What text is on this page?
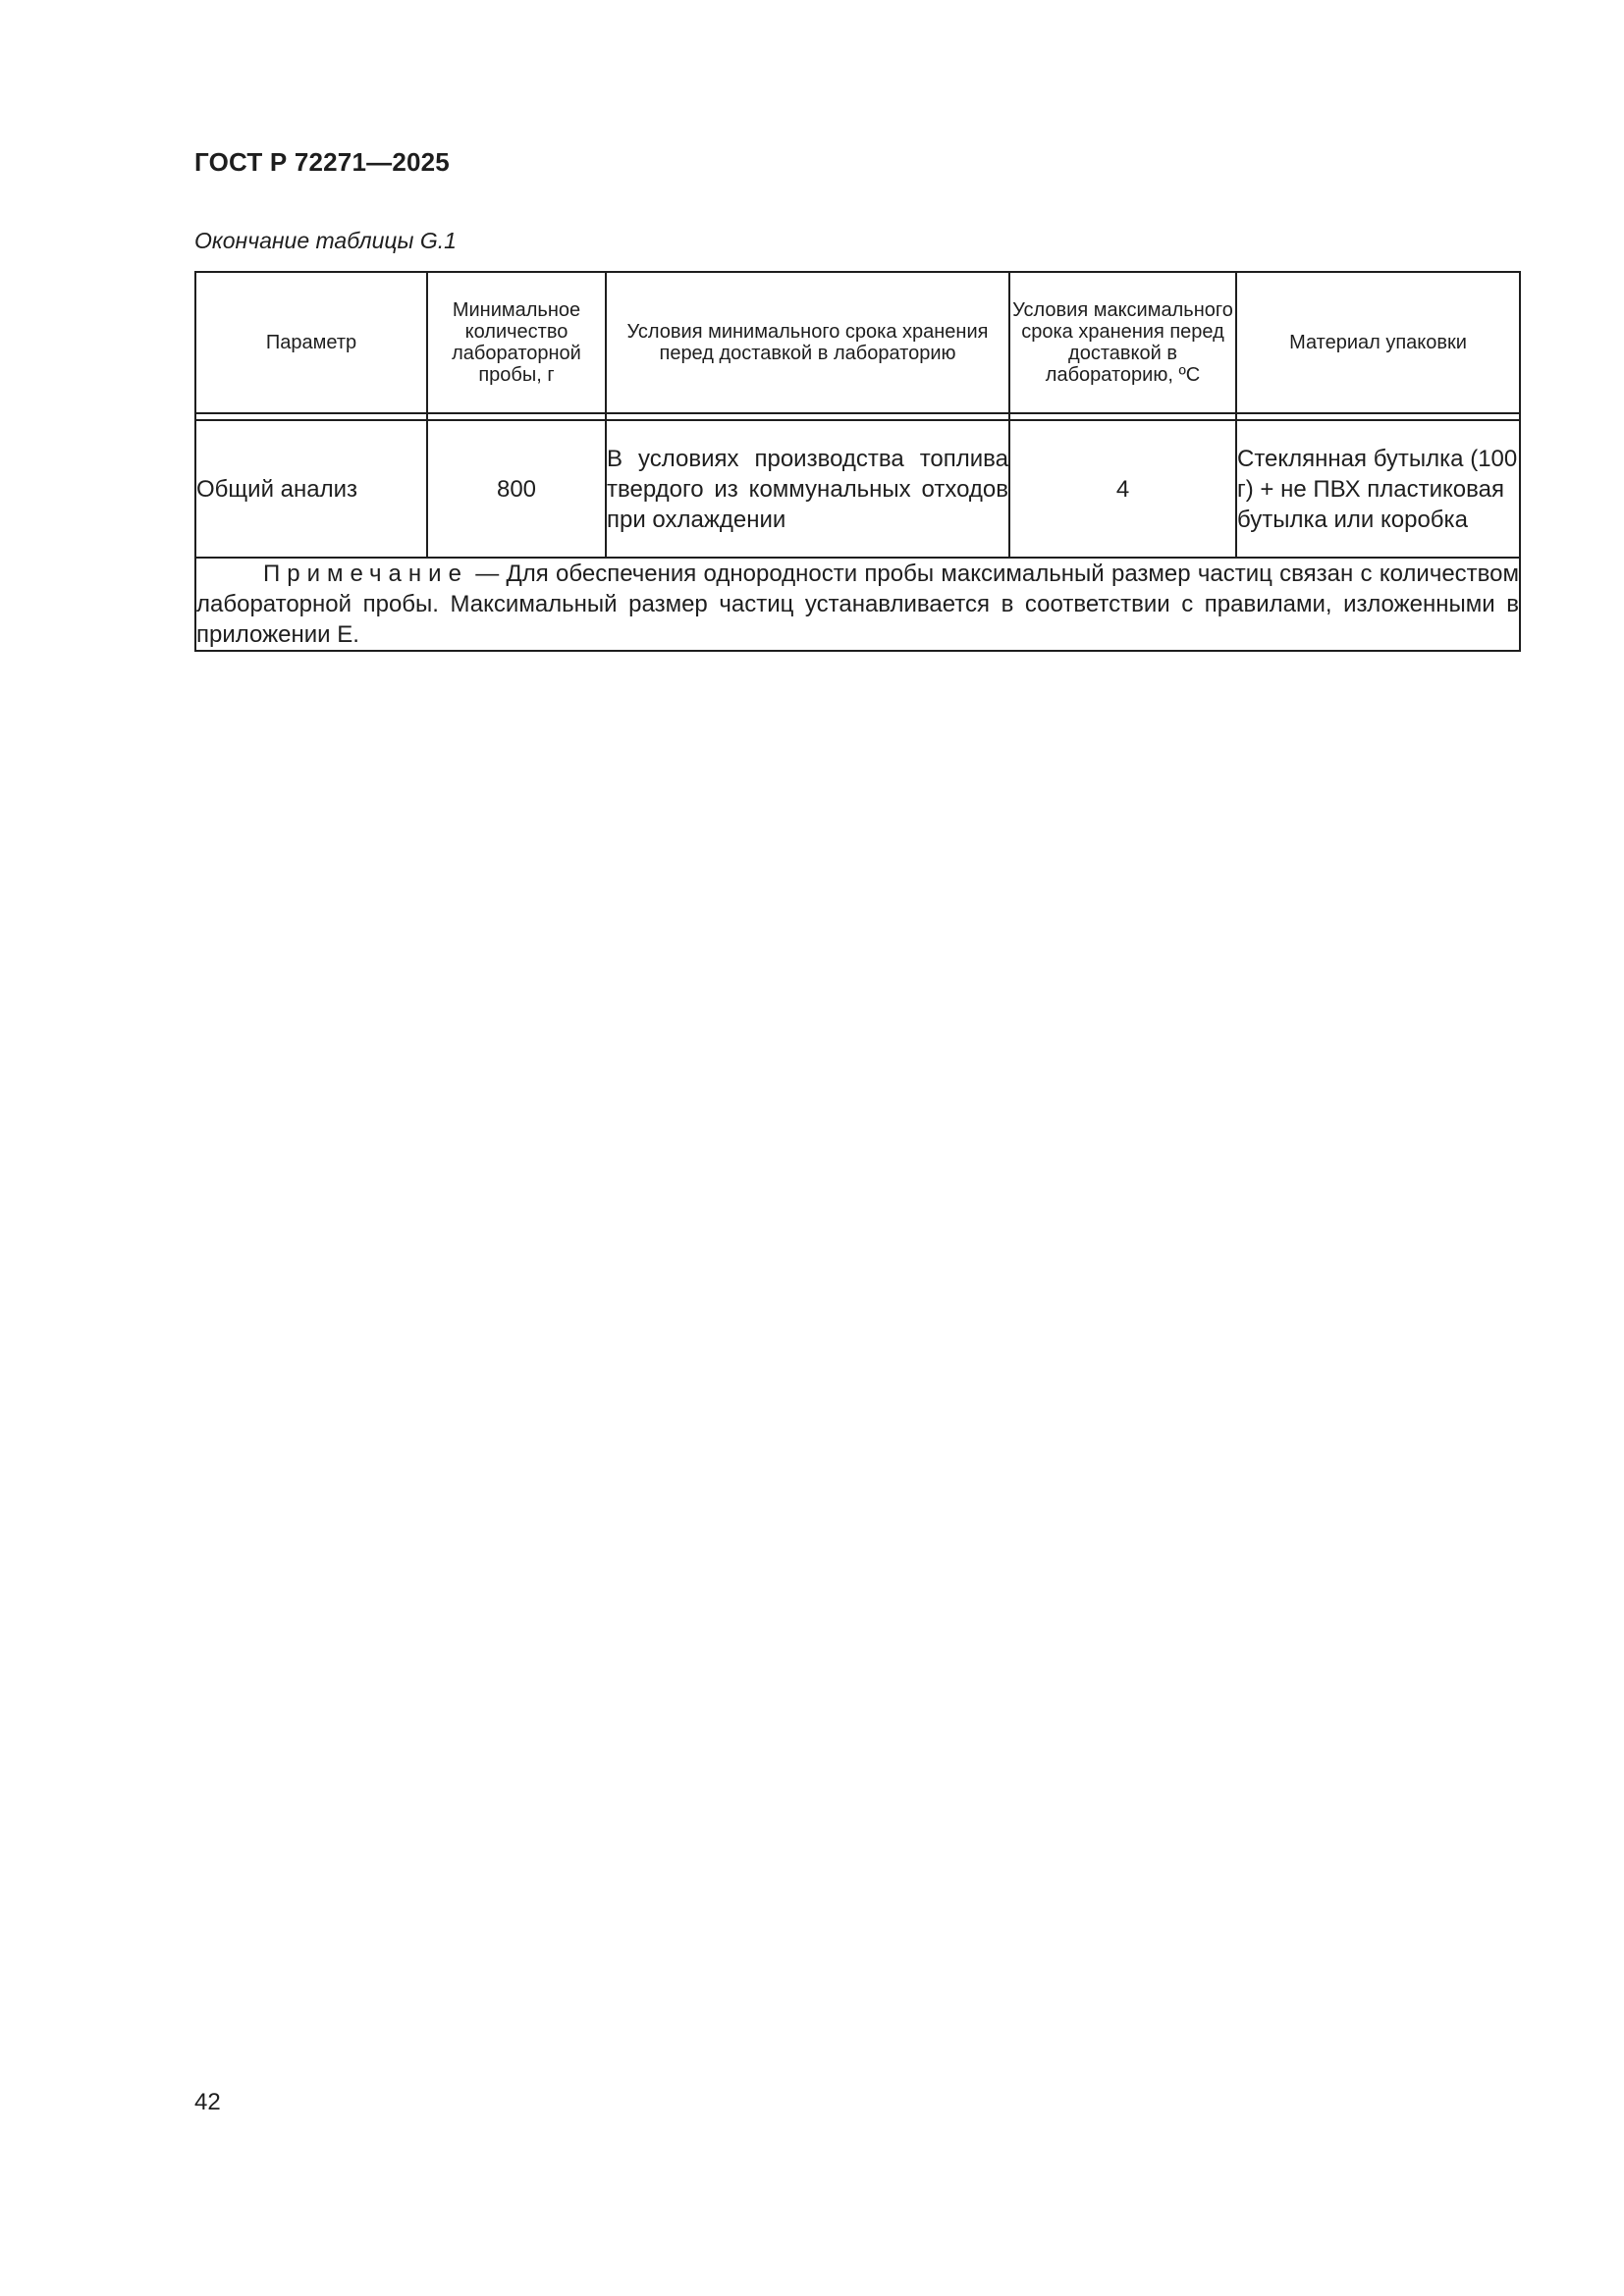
ГОСТ Р 72271—2025
Окончание таблицы G.1
Параметр	Минимальное количество лабораторной пробы, г	Условия минимального срока хранения перед доставкой в лабораторию	Условия максимального срока хранения перед доставкой в лабораторию, ºС	Материал упаковки

Общий анализ	800	В условиях производства топлива твердого из коммунальных отходов при охлаждении	4	Стеклянная бутылка (100 г) + не ПВХ пластиковая бутылка или коробка
Примечание — Для обеспечения однородности пробы максимальный размер частиц связан с количеством лабораторной пробы. Максимальный размер частиц устанавливается в соответствии с правилами, изложенными в приложении Е.				
42
